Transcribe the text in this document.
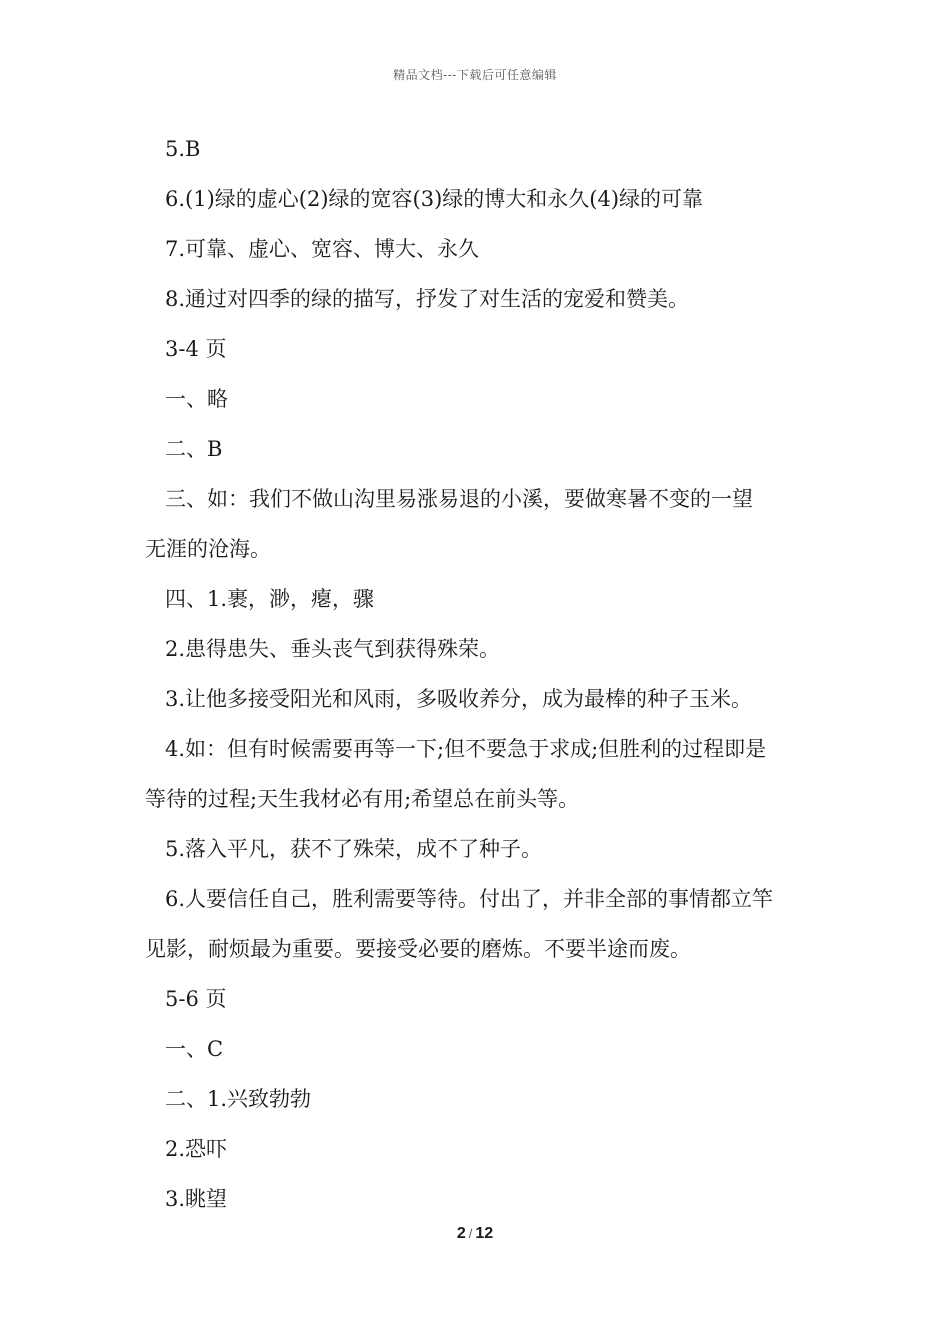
精品文档---下载后可任意编辑
5.B
6.(1)绿的虚心(2)绿的宽容(3)绿的博大和永久(4)绿的可靠
7.可靠、虚心、宽容、博大、永久
8.通过对四季的绿的描写，抒发了对生活的宠爱和赞美。
3-4 页
一、略
二、B
三、如：我们不做山沟里易涨易退的小溪，要做寒暑不变的一望
无涯的沧海。
四、1.裹，渺，瘪，骤
2.患得患失、垂头丧气到获得殊荣。
3.让他多接受阳光和风雨，多吸收养分，成为最棒的种子玉米。
4.如：但有时候需要再等一下;但不要急于求成;但胜利的过程即是
等待的过程;天生我材必有用;希望总在前头等。
5.落入平凡，获不了殊荣，成不了种子。
6.人要信任自己，胜利需要等待。付出了，并非全部的事情都立竿
见影，耐烦最为重要。要接受必要的磨炼。不要半途而废。
5-6 页
一、C
二、1.兴致勃勃
2.恐吓
3.眺望
2 / 12
